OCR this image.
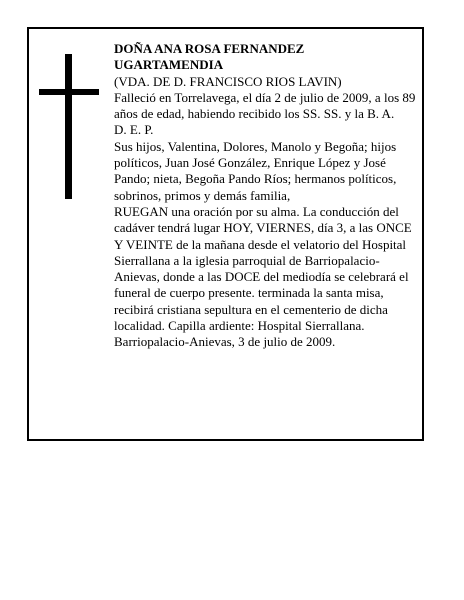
DOÑA ANA ROSA FERNANDEZ UGARTAMENDIA

(VDA. DE D. FRANCISCO RIOS LAVIN)

Falleció en Torrelavega, el día 2 de julio de 2009, a los 89 años de edad, habiendo recibido los SS. SS. y la B. A.

D. E. P.

Sus hijos, Valentina, Dolores, Manolo y Begoña; hijos políticos, Juan José González, Enrique López y José Pando; nieta, Begoña Pando Ríos; hermanos políticos, sobrinos, primos y demás familia,

RUEGAN una oración por su alma. La conducción del cadáver tendrá lugar HOY, VIERNES, día 3, a las ONCE Y VEINTE de la mañana desde el velatorio del Hospital Sierrallana a la iglesia parroquial de Barriopalacio- Anievas, donde a las DOCE del mediodía se celebrará el funeral de cuerpo presente. terminada la santa misa, recibirá cristiana sepultura en el cementerio de dicha localidad. Capilla ardiente: Hospital Sierrallana.

Barriopalacio-Anievas, 3 de julio de 2009.
